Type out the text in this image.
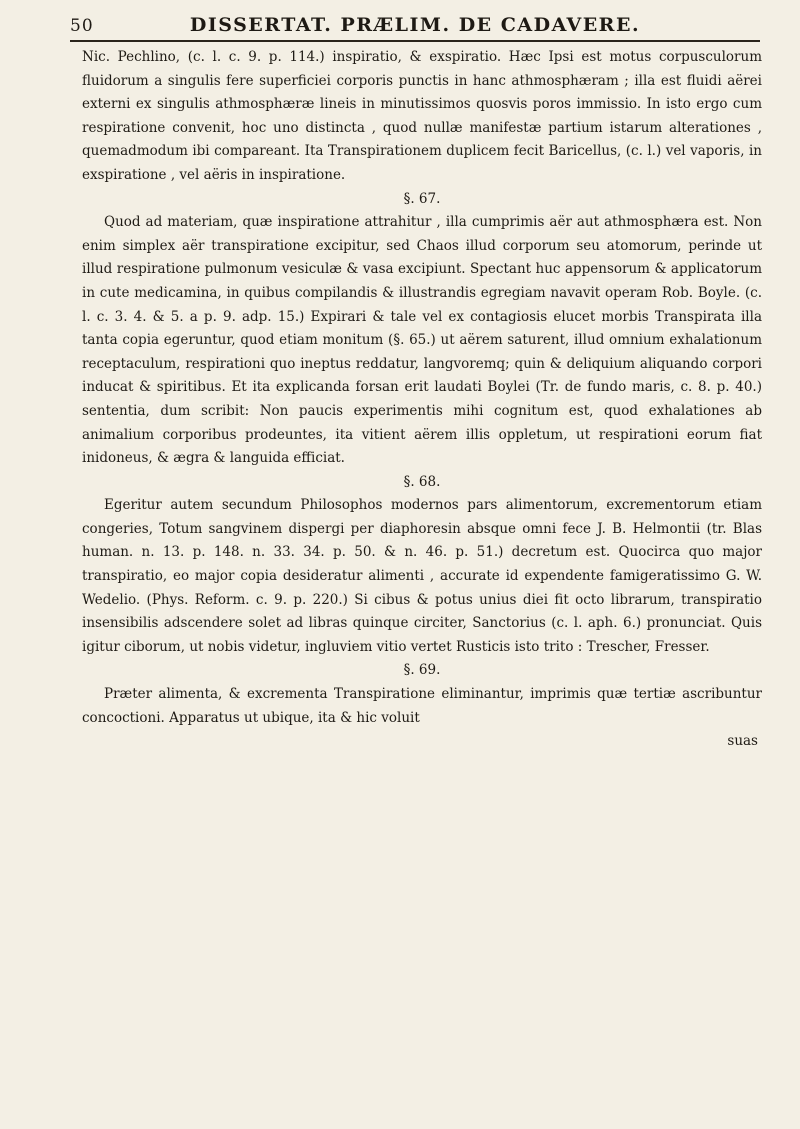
50	DISSERTAT. PRÆLIM. DE CADAVERE.

Nic. Pechlino, (c. l. c. 9. p. 114.) inspiratio, & exspiratio. Hæc Ipsi est motus corpusculorum fluidorum a singulis fere superficiei corporis punctis in hanc athmosphæram ; illa est fluidi aërei externi ex singulis athmosphæræ lineis in minutissimos quosvis poros immissio. In isto ergo cum respiratione convenit, hoc uno distincta , quod nullæ manifestæ partium istarum alterationes , quemadmodum ibi compareant. Ita Transpirationem duplicem fecit Baricellus, (c. l.) vel vaporis, in exspiratione , vel aëris in inspiratione.

§. 67.

Quod ad materiam, quæ inspiratione attrahitur , illa cumprimis aër aut athmosphæra est. Non enim simplex aër transpiratione excipitur, sed Chaos illud corporum seu atomorum, perinde ut illud respiratione pulmonum vesiculæ & vasa excipiunt. Spectant huc appensorum & applicatorum in cute medicamina, in quibus compilandis & illustrandis egregiam navavit operam Rob. Boyle. (c. l. c. 3. 4. & 5. a p. 9. adp. 15.) Expirari & tale vel ex contagiosis elucet morbis Transpirata illa tanta copia egeruntur, quod etiam monitum (§. 65.) ut aërem saturent, illud omnium exhalationum receptaculum, respirationi quo ineptus reddatur, langvoremq; quin & deliquium aliquando corpori inducat & spiritibus. Et ita explicanda forsan erit laudati Boylei (Tr. de fundo maris, c. 8. p. 40.) sententia, dum scribit: Non paucis experimentis mihi cognitum est, quod exhalationes ab animalium corporibus prodeuntes, ita vitient aërem illis oppletum, ut respirationi eorum fiat inidoneus, & ægra & languida efficiat.

§. 68.

Egeritur autem secundum Philosophos modernos pars alimentorum, excrementorum etiam congeries, Totum sangvinem dispergi per diaphoresin absque omni fece J. B. Helmontii (tr. Blas human. n. 13. p. 148. n. 33. 34. p. 50. & n. 46. p. 51.) decretum est. Quocirca quo major transpiratio, eo major copia desideratur alimenti , accurate id expendente famigeratissimo G. W. Wedelio. (Phys. Reform. c. 9. p. 220.) Si cibus & potus unius diei fit octo librarum, transpiratio insensibilis adscendere solet ad libras quinque circiter, Sanctorius (c. l. aph. 6.) pronunciat. Quis igitur ciborum, ut nobis videtur, ingluviem vitio vertet Rusticis isto trito : Trescher, Fresser.

§. 69.

Præter alimenta, & excrementa Transpiratione eliminantur, imprimis quæ tertiæ ascribuntur concoctioni. Apparatus ut ubique, ita & hic voluit

suas
